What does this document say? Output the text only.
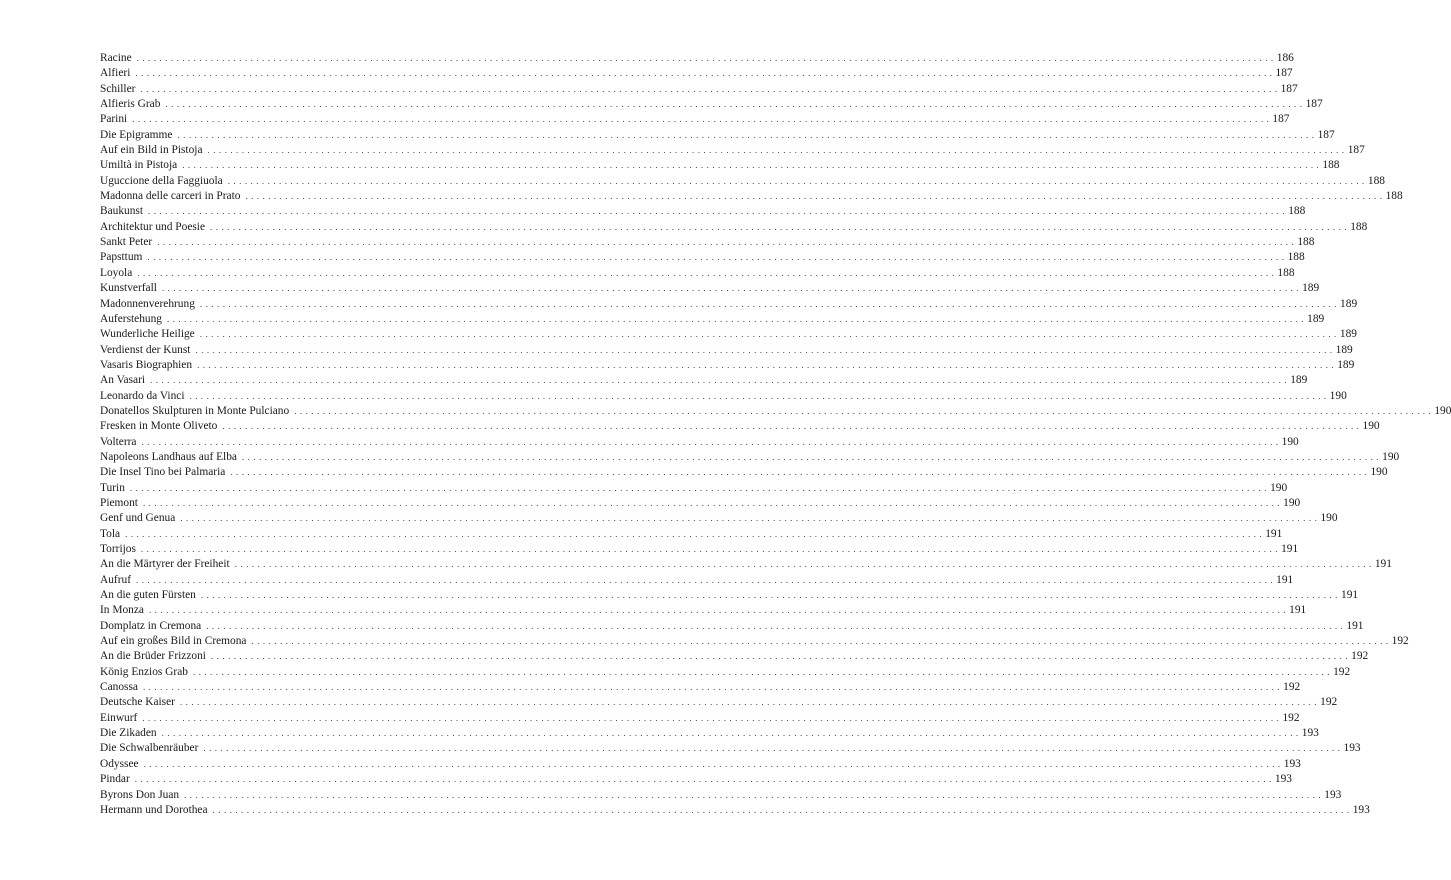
Racine . . . . . . . . . . . . . . . . . . . . . . . . . . . . . . . . . . . . . . . . . . . . . . . . . . . . . . . . . . . . . . . . . . . . . . . . . . . . . . . . . . . . . . . . . . . . . . . . . . . . . . . . . . . . . . . . . . . . . . . . . . . . . . . . . . . . . . . . . . . . . . . . . . . . . . . . . . . . . . . . . . . . . . . . . . . . . . . . . . . . . . . . . . . . . . . . . . . . . . . . 186
Alfieri . . . . . . . . . . . . . . . . . . . . . . . . . . . . . . . . . . . . . . . . . . . . . . . . . . . . . . . . . . . . . . . . . . . . . . . . . . . . . . . . . . . . . . . . . . . . . . . . . . . . . . . . . . . . . . . . . . . . . . . . . . . . . . . . . . . . . . . . . . . . . . . . . . . . . . . . . . . . . . . . . . . . . . . . . . . . . . . . . . . . . . . . . . . . . . . . . . . . . . . . 187
Schiller . . . . . . . . . . . . . . . . . . . . . . . . . . . . . . . . . . . . . . . . . . . . . . . . . . . . . . . . . . . . . . . . . . . . . . . . . . . . . . . . . . . . . . . . . . . . . . . . . . . . . . . . . . . . . . . . . . . . . . . . . . . . . . . . . . . . . . . . . . . . . . . . . . . . . . . . . . . . . . . . . . . . . . . . . . . . . . . . . . . . . . . . . . . . . . . . . . . . . . . . 187
Alfieris Grab . . . . . . . . . . . . . . . . . . . . . . . . . . . . . . . . . . . . . . . . . . . . . . . . . . . . . . . . . . . . . . . . . . . . . . . . . . . . . . . . . . . . . . . . . . . . . . . . . . . . . . . . . . . . . . . . . . . . . . . . . . . . . . . . . . . . . . . . . . . . . . . . . . . . . . . . . . . . . . . . . . . . . . . . . . . . . . . . . . . . . . . . . . . . . . . . . . . . . . . . 187
Parini . . . . . . . . . . . . . . . . . . . . . . . . . . . . . . . . . . . . . . . . . . . . . . . . . . . . . . . . . . . . . . . . . . . . . . . . . . . . . . . . . . . . . . . . . . . . . . . . . . . . . . . . . . . . . . . . . . . . . . . . . . . . . . . . . . . . . . . . . . . . . . . . . . . . . . . . . . . . . . . . . . . . . . . . . . . . . . . . . . . . . . . . . . . . . . . . . . . . . . . . 187
Die Epigramme . . . . . . . . . . . . . . . . . . . . . . . . . . . . . . . . . . . . . . . . . . . . . . . . . . . . . . . . . . . . . . . . . . . . . . . . . . . . . . . . . . . . . . . . . . . . . . . . . . . . . . . . . . . . . . . . . . . . . . . . . . . . . . . . . . . . . . . . . . . . . . . . . . . . . . . . . . . . . . . . . . . . . . . . . . . . . . . . . . . . . . . . . . . . . . . . . . . . . . . . 187
Auf ein Bild in Pistoja . . . . . . . . . . . . . . . . . . . . . . . . . . . . . . . . . . . . . . . . . . . . . . . . . . . . . . . . . . . . . . . . . . . . . . . . . . . . . . . . . . . . . . . . . . . . . . . . . . . . . . . . . . . . . . . . . . . . . . . . . . . . . . . . . . . . . . . . . . . . . . . . . . . . . . . . . . . . . . . . . . . . . . . . . . . . . . . . . . . . . . . . . . . . . . . . . . . . . . . . 187
Umiltà in Pistoja . . . . . . . . . . . . . . . . . . . . . . . . . . . . . . . . . . . . . . . . . . . . . . . . . . . . . . . . . . . . . . . . . . . . . . . . . . . . . . . . . . . . . . . . . . . . . . . . . . . . . . . . . . . . . . . . . . . . . . . . . . . . . . . . . . . . . . . . . . . . . . . . . . . . . . . . . . . . . . . . . . . . . . . . . . . . . . . . . . . . . . . . . . . . . . . . . . . . . . . . 188
Uguccione della Faggiuola . . . . . . . . . . . . . . . . . . . . . . . . . . . . . . . . . . . . . . . . . . . . . . . . . . . . . . . . . . . . . . . . . . . . . . . . . . . . . . . . . . . . . . . . . . . . . . . . . . . . . . . . . . . . . . . . . . . . . . . . . . . . . . . . . . . . . . . . . . . . . . . . . . . . . . . . . . . . . . . . . . . . . . . . . . . . . . . . . . . . . . . . . . . . . . . . . . . . . . . . 188
Madonna delle carceri in Prato . . . . . . . . . . . . . . . . . . . . . . . . . . . . . . . . . . . . . . . . . . . . . . . . . . . . . . . . . . . . . . . . . . . . . . . . . . . . . . . . . . . . . . . . . . . . . . . . . . . . . . . . . . . . . . . . . . . . . . . . . . . . . . . . . . . . . . . . . . . . . . . . . . . . . . . . . . . . . . . . . . . . . . . . . . . . . . . . . . . . . . . . . . . . . . . . . . . . . . . . 188
Baukunst . . . . . . . . . . . . . . . . . . . . . . . . . . . . . . . . . . . . . . . . . . . . . . . . . . . . . . . . . . . . . . . . . . . . . . . . . . . . . . . . . . . . . . . . . . . . . . . . . . . . . . . . . . . . . . . . . . . . . . . . . . . . . . . . . . . . . . . . . . . . . . . . . . . . . . . . . . . . . . . . . . . . . . . . . . . . . . . . . . . . . . . . . . . . . . . . . . . . . . . . 188
Architektur und Poesie . . . . . . . . . . . . . . . . . . . . . . . . . . . . . . . . . . . . . . . . . . . . . . . . . . . . . . . . . . . . . . . . . . . . . . . . . . . . . . . . . . . . . . . . . . . . . . . . . . . . . . . . . . . . . . . . . . . . . . . . . . . . . . . . . . . . . . . . . . . . . . . . . . . . . . . . . . . . . . . . . . . . . . . . . . . . . . . . . . . . . . . . . . . . . . . . . . . . . . . . 188
Sankt Peter . . . . . . . . . . . . . . . . . . . . . . . . . . . . . . . . . . . . . . . . . . . . . . . . . . . . . . . . . . . . . . . . . . . . . . . . . . . . . . . . . . . . . . . . . . . . . . . . . . . . . . . . . . . . . . . . . . . . . . . . . . . . . . . . . . . . . . . . . . . . . . . . . . . . . . . . . . . . . . . . . . . . . . . . . . . . . . . . . . . . . . . . . . . . . . . . . . . . . . . . 188
Papsttum . . . . . . . . . . . . . . . . . . . . . . . . . . . . . . . . . . . . . . . . . . . . . . . . . . . . . . . . . . . . . . . . . . . . . . . . . . . . . . . . . . . . . . . . . . . . . . . . . . . . . . . . . . . . . . . . . . . . . . . . . . . . . . . . . . . . . . . . . . . . . . . . . . . . . . . . . . . . . . . . . . . . . . . . . . . . . . . . . . . . . . . . . . . . . . . . . . . . . . . . 188
Loyola . . . . . . . . . . . . . . . . . . . . . . . . . . . . . . . . . . . . . . . . . . . . . . . . . . . . . . . . . . . . . . . . . . . . . . . . . . . . . . . . . . . . . . . . . . . . . . . . . . . . . . . . . . . . . . . . . . . . . . . . . . . . . . . . . . . . . . . . . . . . . . . . . . . . . . . . . . . . . . . . . . . . . . . . . . . . . . . . . . . . . . . . . . . . . . . . . . . . . . . . 188
Kunstverfall . . . . . . . . . . . . . . . . . . . . . . . . . . . . . . . . . . . . . . . . . . . . . . . . . . . . . . . . . . . . . . . . . . . . . . . . . . . . . . . . . . . . . . . . . . . . . . . . . . . . . . . . . . . . . . . . . . . . . . . . . . . . . . . . . . . . . . . . . . . . . . . . . . . . . . . . . . . . . . . . . . . . . . . . . . . . . . . . . . . . . . . . . . . . . . . . . . . . . . . . 189
Madonnenverehrung . . . . . . . . . . . . . . . . . . . . . . . . . . . . . . . . . . . . . . . . . . . . . . . . . . . . . . . . . . . . . . . . . . . . . . . . . . . . . . . . . . . . . . . . . . . . . . . . . . . . . . . . . . . . . . . . . . . . . . . . . . . . . . . . . . . . . . . . . . . . . . . . . . . . . . . . . . . . . . . . . . . . . . . . . . . . . . . . . . . . . . . . . . . . . . . . . . . . . . . . 189
Auferstehung . . . . . . . . . . . . . . . . . . . . . . . . . . . . . . . . . . . . . . . . . . . . . . . . . . . . . . . . . . . . . . . . . . . . . . . . . . . . . . . . . . . . . . . . . . . . . . . . . . . . . . . . . . . . . . . . . . . . . . . . . . . . . . . . . . . . . . . . . . . . . . . . . . . . . . . . . . . . . . . . . . . . . . . . . . . . . . . . . . . . . . . . . . . . . . . . . . . . . . . . 189
Wunderliche Heilige . . . . . . . . . . . . . . . . . . . . . . . . . . . . . . . . . . . . . . . . . . . . . . . . . . . . . . . . . . . . . . . . . . . . . . . . . . . . . . . . . . . . . . . . . . . . . . . . . . . . . . . . . . . . . . . . . . . . . . . . . . . . . . . . . . . . . . . . . . . . . . . . . . . . . . . . . . . . . . . . . . . . . . . . . . . . . . . . . . . . . . . . . . . . . . . . . . . . . . . . 189
Verdienst der Kunst . . . . . . . . . . . . . . . . . . . . . . . . . . . . . . . . . . . . . . . . . . . . . . . . . . . . . . . . . . . . . . . . . . . . . . . . . . . . . . . . . . . . . . . . . . . . . . . . . . . . . . . . . . . . . . . . . . . . . . . . . . . . . . . . . . . . . . . . . . . . . . . . . . . . . . . . . . . . . . . . . . . . . . . . . . . . . . . . . . . . . . . . . . . . . . . . . . . . . . . . 189
Vasaris Biographien . . . . . . . . . . . . . . . . . . . . . . . . . . . . . . . . . . . . . . . . . . . . . . . . . . . . . . . . . . . . . . . . . . . . . . . . . . . . . . . . . . . . . . . . . . . . . . . . . . . . . . . . . . . . . . . . . . . . . . . . . . . . . . . . . . . . . . . . . . . . . . . . . . . . . . . . . . . . . . . . . . . . . . . . . . . . . . . . . . . . . . . . . . . . . . . . . . . . . . . . 189
An Vasari . . . . . . . . . . . . . . . . . . . . . . . . . . . . . . . . . . . . . . . . . . . . . . . . . . . . . . . . . . . . . . . . . . . . . . . . . . . . . . . . . . . . . . . . . . . . . . . . . . . . . . . . . . . . . . . . . . . . . . . . . . . . . . . . . . . . . . . . . . . . . . . . . . . . . . . . . . . . . . . . . . . . . . . . . . . . . . . . . . . . . . . . . . . . . . . . . . . . . . . . 189
Leonardo da Vinci . . . . . . . . . . . . . . . . . . . . . . . . . . . . . . . . . . . . . . . . . . . . . . . . . . . . . . . . . . . . . . . . . . . . . . . . . . . . . . . . . . . . . . . . . . . . . . . . . . . . . . . . . . . . . . . . . . . . . . . . . . . . . . . . . . . . . . . . . . . . . . . . . . . . . . . . . . . . . . . . . . . . . . . . . . . . . . . . . . . . . . . . . . . . . . . . . . . . . . . . 190
Donatellos Skulpturen in Monte Pulciano . . . . . . . . . . . . . . . . . . . . . . . . . . . . . . . . . . . . . . . . . . . . . . . . . . . . . . . . . . . . . . . . . . . . . . . . . . . . . . . . . . . . . . . . . . . . . . . . . . . . . . . . . . . . . . . . . . . . . . . . . . . . . . . . . . . . . . . . . . . . . . . . . . . . . . . . . . . . . . . . . . . . . . . . . . . . . . . . . . . . . . . . . . . . . . . . . . . . . . . . 190
Fresken in Monte Oliveto . . . . . . . . . . . . . . . . . . . . . . . . . . . . . . . . . . . . . . . . . . . . . . . . . . . . . . . . . . . . . . . . . . . . . . . . . . . . . . . . . . . . . . . . . . . . . . . . . . . . . . . . . . . . . . . . . . . . . . . . . . . . . . . . . . . . . . . . . . . . . . . . . . . . . . . . . . . . . . . . . . . . . . . . . . . . . . . . . . . . . . . . . . . . . . . . . . . . . . . . 190
Volterra . . . . . . . . . . . . . . . . . . . . . . . . . . . . . . . . . . . . . . . . . . . . . . . . . . . . . . . . . . . . . . . . . . . . . . . . . . . . . . . . . . . . . . . . . . . . . . . . . . . . . . . . . . . . . . . . . . . . . . . . . . . . . . . . . . . . . . . . . . . . . . . . . . . . . . . . . . . . . . . . . . . . . . . . . . . . . . . . . . . . . . . . . . . . . . . . . . . . . . . . 190
Napoleons Landhaus auf Elba . . . . . . . . . . . . . . . . . . . . . . . . . . . . . . . . . . . . . . . . . . . . . . . . . . . . . . . . . . . . . . . . . . . . . . . . . . . . . . . . . . . . . . . . . . . . . . . . . . . . . . . . . . . . . . . . . . . . . . . . . . . . . . . . . . . . . . . . . . . . . . . . . . . . . . . . . . . . . . . . . . . . . . . . . . . . . . . . . . . . . . . . . . . . . . . . . . . . . . . . 190
Die Insel Tino bei Palmaria . . . . . . . . . . . . . . . . . . . . . . . . . . . . . . . . . . . . . . . . . . . . . . . . . . . . . . . . . . . . . . . . . . . . . . . . . . . . . . . . . . . . . . . . . . . . . . . . . . . . . . . . . . . . . . . . . . . . . . . . . . . . . . . . . . . . . . . . . . . . . . . . . . . . . . . . . . . . . . . . . . . . . . . . . . . . . . . . . . . . . . . . . . . . . . . . . . . . . . . . 190
Turin . . . . . . . . . . . . . . . . . . . . . . . . . . . . . . . . . . . . . . . . . . . . . . . . . . . . . . . . . . . . . . . . . . . . . . . . . . . . . . . . . . . . . . . . . . . . . . . . . . . . . . . . . . . . . . . . . . . . . . . . . . . . . . . . . . . . . . . . . . . . . . . . . . . . . . . . . . . . . . . . . . . . . . . . . . . . . . . . . . . . . . . . . . . . . . . . . . . . . . . . 190
Piemont . . . . . . . . . . . . . . . . . . . . . . . . . . . . . . . . . . . . . . . . . . . . . . . . . . . . . . . . . . . . . . . . . . . . . . . . . . . . . . . . . . . . . . . . . . . . . . . . . . . . . . . . . . . . . . . . . . . . . . . . . . . . . . . . . . . . . . . . . . . . . . . . . . . . . . . . . . . . . . . . . . . . . . . . . . . . . . . . . . . . . . . . . . . . . . . . . . . . . . . . 190
Genf und Genua . . . . . . . . . . . . . . . . . . . . . . . . . . . . . . . . . . . . . . . . . . . . . . . . . . . . . . . . . . . . . . . . . . . . . . . . . . . . . . . . . . . . . . . . . . . . . . . . . . . . . . . . . . . . . . . . . . . . . . . . . . . . . . . . . . . . . . . . . . . . . . . . . . . . . . . . . . . . . . . . . . . . . . . . . . . . . . . . . . . . . . . . . . . . . . . . . . . . . . . . 190
Tola . . . . . . . . . . . . . . . . . . . . . . . . . . . . . . . . . . . . . . . . . . . . . . . . . . . . . . . . . . . . . . . . . . . . . . . . . . . . . . . . . . . . . . . . . . . . . . . . . . . . . . . . . . . . . . . . . . . . . . . . . . . . . . . . . . . . . . . . . . . . . . . . . . . . . . . . . . . . . . . . . . . . . . . . . . . . . . . . . . . . . . . . . . . . . . . . . . . . . . . . 191
Torrijos . . . . . . . . . . . . . . . . . . . . . . . . . . . . . . . . . . . . . . . . . . . . . . . . . . . . . . . . . . . . . . . . . . . . . . . . . . . . . . . . . . . . . . . . . . . . . . . . . . . . . . . . . . . . . . . . . . . . . . . . . . . . . . . . . . . . . . . . . . . . . . . . . . . . . . . . . . . . . . . . . . . . . . . . . . . . . . . . . . . . . . . . . . . . . . . . . . . . . . . . 191
An die Märtyrer der Freiheit . . . . . . . . . . . . . . . . . . . . . . . . . . . . . . . . . . . . . . . . . . . . . . . . . . . . . . . . . . . . . . . . . . . . . . . . . . . . . . . . . . . . . . . . . . . . . . . . . . . . . . . . . . . . . . . . . . . . . . . . . . . . . . . . . . . . . . . . . . . . . . . . . . . . . . . . . . . . . . . . . . . . . . . . . . . . . . . . . . . . . . . . . . . . . . . . . . . . . . . . 191
Aufruf . . . . . . . . . . . . . . . . . . . . . . . . . . . . . . . . . . . . . . . . . . . . . . . . . . . . . . . . . . . . . . . . . . . . . . . . . . . . . . . . . . . . . . . . . . . . . . . . . . . . . . . . . . . . . . . . . . . . . . . . . . . . . . . . . . . . . . . . . . . . . . . . . . . . . . . . . . . . . . . . . . . . . . . . . . . . . . . . . . . . . . . . . . . . . . . . . . . . . . . . 191
An die guten Fürsten . . . . . . . . . . . . . . . . . . . . . . . . . . . . . . . . . . . . . . . . . . . . . . . . . . . . . . . . . . . . . . . . . . . . . . . . . . . . . . . . . . . . . . . . . . . . . . . . . . . . . . . . . . . . . . . . . . . . . . . . . . . . . . . . . . . . . . . . . . . . . . . . . . . . . . . . . . . . . . . . . . . . . . . . . . . . . . . . . . . . . . . . . . . . . . . . . . . . . . . . 191
In Monza . . . . . . . . . . . . . . . . . . . . . . . . . . . . . . . . . . . . . . . . . . . . . . . . . . . . . . . . . . . . . . . . . . . . . . . . . . . . . . . . . . . . . . . . . . . . . . . . . . . . . . . . . . . . . . . . . . . . . . . . . . . . . . . . . . . . . . . . . . . . . . . . . . . . . . . . . . . . . . . . . . . . . . . . . . . . . . . . . . . . . . . . . . . . . . . . . . . . . . . . 191
Domplatz in Cremona . . . . . . . . . . . . . . . . . . . . . . . . . . . . . . . . . . . . . . . . . . . . . . . . . . . . . . . . . . . . . . . . . . . . . . . . . . . . . . . . . . . . . . . . . . . . . . . . . . . . . . . . . . . . . . . . . . . . . . . . . . . . . . . . . . . . . . . . . . . . . . . . . . . . . . . . . . . . . . . . . . . . . . . . . . . . . . . . . . . . . . . . . . . . . . . . . . . . . . . . 191
Auf ein großes Bild in Cremona . . . . . . . . . . . . . . . . . . . . . . . . . . . . . . . . . . . . . . . . . . . . . . . . . . . . . . . . . . . . . . . . . . . . . . . . . . . . . . . . . . . . . . . . . . . . . . . . . . . . . . . . . . . . . . . . . . . . . . . . . . . . . . . . . . . . . . . . . . . . . . . . . . . . . . . . . . . . . . . . . . . . . . . . . . . . . . . . . . . . . . . . . . . . . . . . . . . . . . . . 192
An die Brüder Frizzoni . . . . . . . . . . . . . . . . . . . . . . . . . . . . . . . . . . . . . . . . . . . . . . . . . . . . . . . . . . . . . . . . . . . . . . . . . . . . . . . . . . . . . . . . . . . . . . . . . . . . . . . . . . . . . . . . . . . . . . . . . . . . . . . . . . . . . . . . . . . . . . . . . . . . . . . . . . . . . . . . . . . . . . . . . . . . . . . . . . . . . . . . . . . . . . . . . . . . . . . . 192
König Enzios Grab . . . . . . . . . . . . . . . . . . . . . . . . . . . . . . . . . . . . . . . . . . . . . . . . . . . . . . . . . . . . . . . . . . . . . . . . . . . . . . . . . . . . . . . . . . . . . . . . . . . . . . . . . . . . . . . . . . . . . . . . . . . . . . . . . . . . . . . . . . . . . . . . . . . . . . . . . . . . . . . . . . . . . . . . . . . . . . . . . . . . . . . . . . . . . . . . . . . . . . . . 192
Canossa . . . . . . . . . . . . . . . . . . . . . . . . . . . . . . . . . . . . . . . . . . . . . . . . . . . . . . . . . . . . . . . . . . . . . . . . . . . . . . . . . . . . . . . . . . . . . . . . . . . . . . . . . . . . . . . . . . . . . . . . . . . . . . . . . . . . . . . . . . . . . . . . . . . . . . . . . . . . . . . . . . . . . . . . . . . . . . . . . . . . . . . . . . . . . . . . . . . . . . . . 192
Deutsche Kaiser . . . . . . . . . . . . . . . . . . . . . . . . . . . . . . . . . . . . . . . . . . . . . . . . . . . . . . . . . . . . . . . . . . . . . . . . . . . . . . . . . . . . . . . . . . . . . . . . . . . . . . . . . . . . . . . . . . . . . . . . . . . . . . . . . . . . . . . . . . . . . . . . . . . . . . . . . . . . . . . . . . . . . . . . . . . . . . . . . . . . . . . . . . . . . . . . . . . . . . . . 192
Einwurf . . . . . . . . . . . . . . . . . . . . . . . . . . . . . . . . . . . . . . . . . . . . . . . . . . . . . . . . . . . . . . . . . . . . . . . . . . . . . . . . . . . . . . . . . . . . . . . . . . . . . . . . . . . . . . . . . . . . . . . . . . . . . . . . . . . . . . . . . . . . . . . . . . . . . . . . . . . . . . . . . . . . . . . . . . . . . . . . . . . . . . . . . . . . . . . . . . . . . . . . 192
Die Zikaden . . . . . . . . . . . . . . . . . . . . . . . . . . . . . . . . . . . . . . . . . . . . . . . . . . . . . . . . . . . . . . . . . . . . . . . . . . . . . . . . . . . . . . . . . . . . . . . . . . . . . . . . . . . . . . . . . . . . . . . . . . . . . . . . . . . . . . . . . . . . . . . . . . . . . . . . . . . . . . . . . . . . . . . . . . . . . . . . . . . . . . . . . . . . . . . . . . . . . . . . 193
Die Schwalbenräuber . . . . . . . . . . . . . . . . . . . . . . . . . . . . . . . . . . . . . . . . . . . . . . . . . . . . . . . . . . . . . . . . . . . . . . . . . . . . . . . . . . . . . . . . . . . . . . . . . . . . . . . . . . . . . . . . . . . . . . . . . . . . . . . . . . . . . . . . . . . . . . . . . . . . . . . . . . . . . . . . . . . . . . . . . . . . . . . . . . . . . . . . . . . . . . . . . . . . . . . . 193
Odyssee . . . . . . . . . . . . . . . . . . . . . . . . . . . . . . . . . . . . . . . . . . . . . . . . . . . . . . . . . . . . . . . . . . . . . . . . . . . . . . . . . . . . . . . . . . . . . . . . . . . . . . . . . . . . . . . . . . . . . . . . . . . . . . . . . . . . . . . . . . . . . . . . . . . . . . . . . . . . . . . . . . . . . . . . . . . . . . . . . . . . . . . . . . . . . . . . . . . . . . . . 193
Pindar . . . . . . . . . . . . . . . . . . . . . . . . . . . . . . . . . . . . . . . . . . . . . . . . . . . . . . . . . . . . . . . . . . . . . . . . . . . . . . . . . . . . . . . . . . . . . . . . . . . . . . . . . . . . . . . . . . . . . . . . . . . . . . . . . . . . . . . . . . . . . . . . . . . . . . . . . . . . . . . . . . . . . . . . . . . . . . . . . . . . . . . . . . . . . . . . . . . . . . . . 193
Byrons Don Juan . . . . . . . . . . . . . . . . . . . . . . . . . . . . . . . . . . . . . . . . . . . . . . . . . . . . . . . . . . . . . . . . . . . . . . . . . . . . . . . . . . . . . . . . . . . . . . . . . . . . . . . . . . . . . . . . . . . . . . . . . . . . . . . . . . . . . . . . . . . . . . . . . . . . . . . . . . . . . . . . . . . . . . . . . . . . . . . . . . . . . . . . . . . . . . . . . . . . . . . . 193
Hermann und Dorothea . . . . . . . . . . . . . . . . . . . . . . . . . . . . . . . . . . . . . . . . . . . . . . . . . . . . . . . . . . . . . . . . . . . . . . . . . . . . . . . . . . . . . . . . . . . . . . . . . . . . . . . . . . . . . . . . . . . . . . . . . . . . . . . . . . . . . . . . . . . . . . . . . . . . . . . . . . . . . . . . . . . . . . . . . . . . . . . . . . . . . . . . . . . . . . . . . . . . . . . . 193
